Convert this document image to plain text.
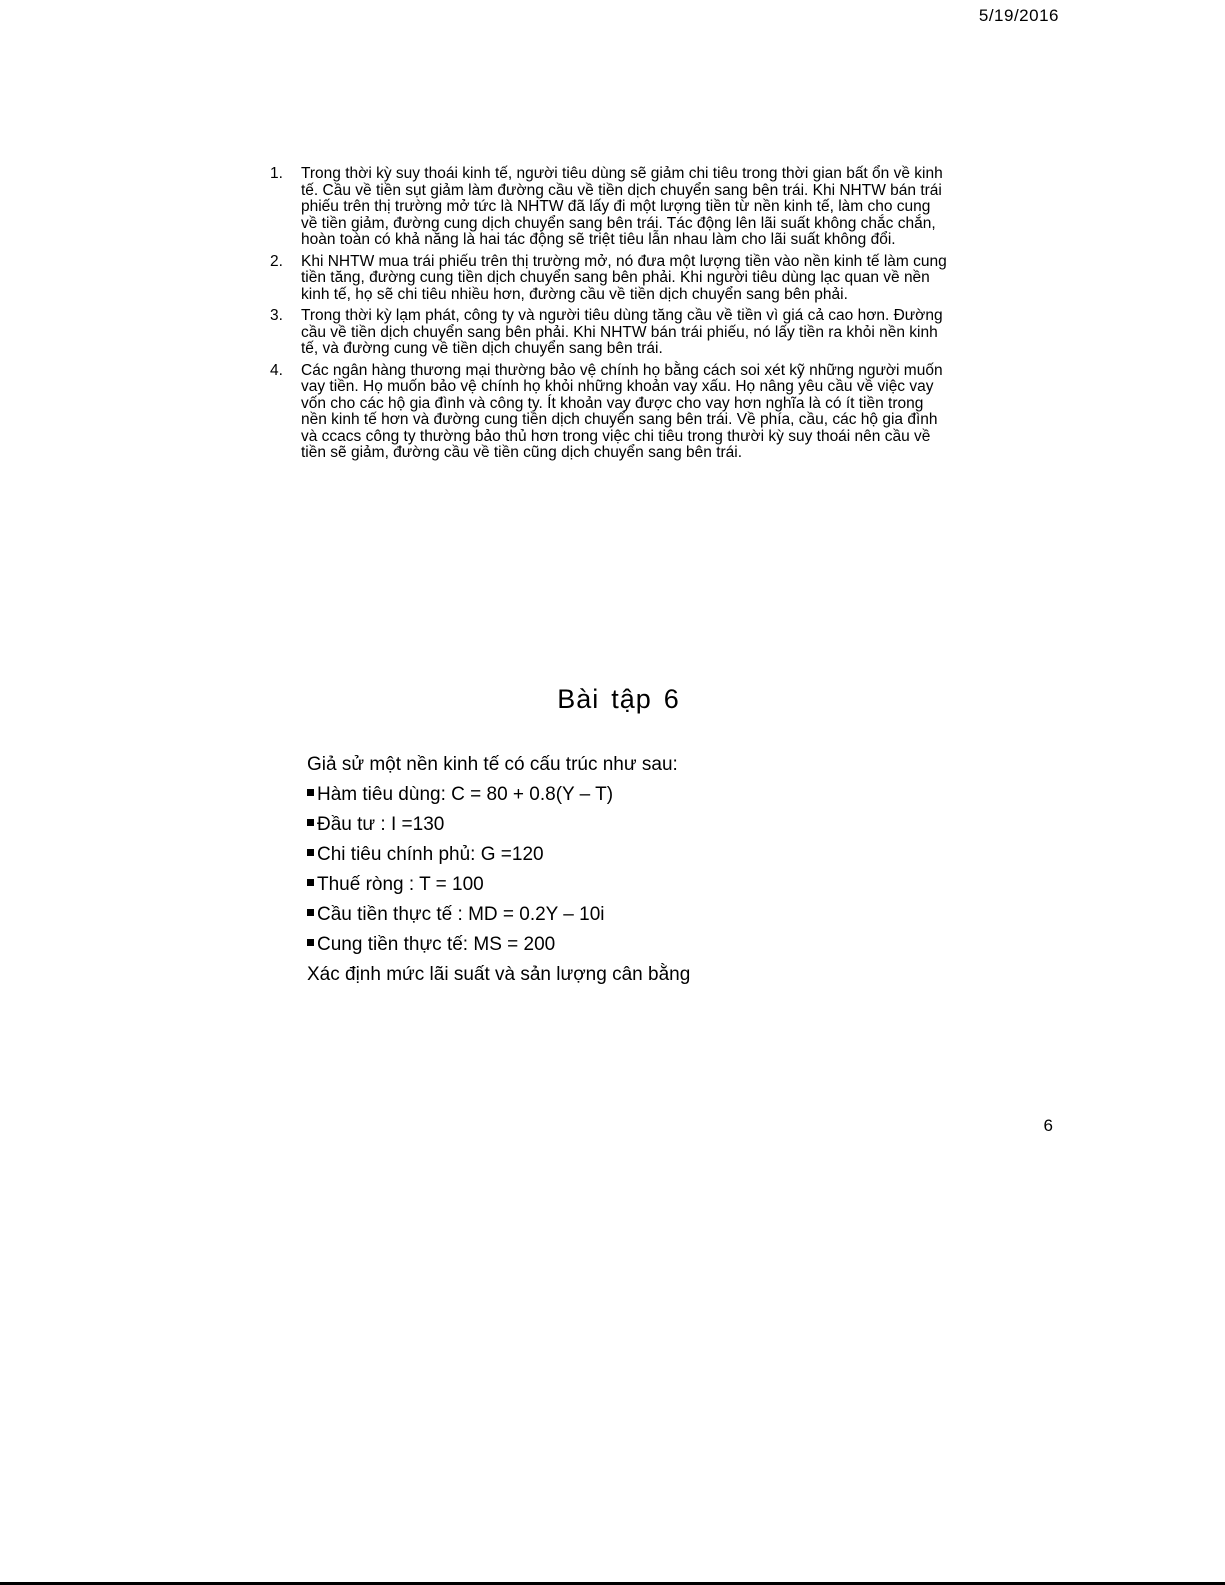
5/19/2016
1. Trong thời kỳ suy thoái kinh tế, người tiêu dùng sẽ giảm chi tiêu trong thời gian bất ổn về kinh tế. Cầu về tiền sụt giảm làm đường cầu về tiền dịch chuyển sang bên trái. Khi NHTW bán trái phiếu trên thị trường mở tức là NHTW đã lấy đi một lượng tiền từ nền kinh tế, làm cho cung về tiền giảm, đường cung dịch chuyển sang bên trái. Tác động lên lãi suất không chắc chắn, hoàn toàn có khả năng là hai tác động sẽ triệt tiêu lẫn nhau làm cho lãi suất không đổi.
2. Khi NHTW mua trái phiếu trên thị trường mở, nó đưa một lượng tiền vào nền kinh tế làm cung tiền tăng, đường cung tiền dịch chuyển sang bên phải. Khi người tiêu dùng lạc quan về nền kinh tế, họ sẽ chi tiêu nhiều hơn, đường cầu về tiền dịch chuyển sang bên phải.
3. Trong thời kỳ lạm phát, công ty và người tiêu dùng tăng cầu về tiền vì giá cả cao hơn. Đường cầu về tiền dịch chuyển sang bên phải. Khi NHTW bán trái phiếu, nó lấy tiền ra khỏi nền kinh tế, và đường cung về tiền dịch chuyển sang bên trái.
4. Các ngân hàng thương mại thường bảo vệ chính họ bằng cách soi xét kỹ những người muốn vay tiền. Họ muốn bảo vệ chính họ khỏi những khoản vay xấu. Họ nâng yêu cầu về việc vay vốn cho các hộ gia đình và công ty. Ít khoản vay được cho vay hơn nghĩa là có ít tiền trong nền kinh tế hơn và đường cung tiền dịch chuyển sang bên trái. Về phía, cầu, các hộ gia đình và ccacs công ty thường bảo thủ hơn trong việc chi tiêu trong thười kỳ suy thoái nên cầu về tiền sẽ giảm, đường cầu về tiền cũng dịch chuyển sang bên trái.
Bài tập 6
Giả sử một nền kinh tế có cấu trúc như sau:
Hàm tiêu dùng: C = 80 + 0.8(Y – T)
Đầu tư : I =130
Chi tiêu chính phủ: G =120
Thuế ròng : T = 100
Cầu tiền thực tế : MD = 0.2Y – 10i
Cung tiền thực tế: MS = 200
Xác định mức lãi suất và sản lượng cân bằng
6
